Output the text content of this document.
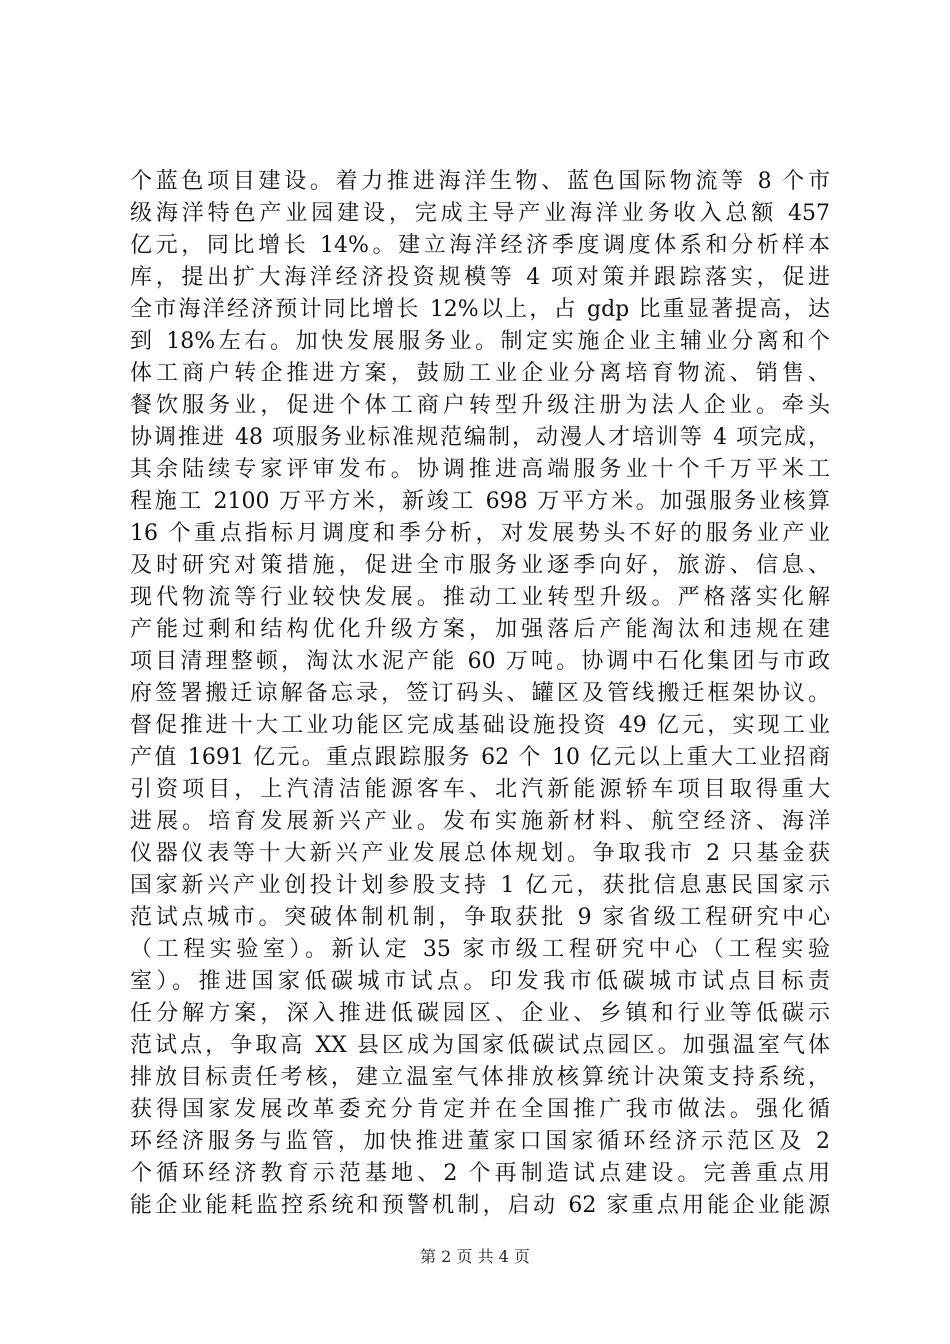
个蓝色项目建设。着力推进海洋生物、蓝色国际物流等 8 个市
级海洋特色产业园建设，完成主导产业海洋业务收入总额 457
亿元，同比增长 14%。建立海洋经济季度调度体系和分析样本
库，提出扩大海洋经济投资规模等 4 项对策并跟踪落实，促进
全市海洋经济预计同比增长 12%以上，占 gdp 比重显著提高，达
到 18%左右。加快发展服务业。制定实施企业主辅业分离和个
体工商户转企推进方案，鼓励工业企业分离培育物流、销售、
餐饮服务业，促进个体工商户转型升级注册为法人企业。牵头
协调推进 48 项服务业标准规范编制，动漫人才培训等 4 项完成，
其余陆续专家评审发布。协调推进高端服务业十个千万平米工
程施工 2100 万平方米，新竣工 698 万平方米。加强服务业核算
16 个重点指标月调度和季分析，对发展势头不好的服务业产业
及时研究对策措施，促进全市服务业逐季向好，旅游、信息、
现代物流等行业较快发展。推动工业转型升级。严格落实化解
产能过剩和结构优化升级方案，加强落后产能淘汰和违规在建
项目清理整顿，淘汰水泥产能 60 万吨。协调中石化集团与市政
府签署搬迁谅解备忘录，签订码头、罐区及管线搬迁框架协议。
督促推进十大工业功能区完成基础设施投资 49 亿元，实现工业
产值 1691 亿元。重点跟踪服务 62 个 10 亿元以上重大工业招商
引资项目，上汽清洁能源客车、北汽新能源轿车项目取得重大
进展。培育发展新兴产业。发布实施新材料、航空经济、海洋
仪器仪表等十大新兴产业发展总体规划。争取我市 2 只基金获
国家新兴产业创投计划参股支持 1 亿元，获批信息惠民国家示
范试点城市。突破体制机制，争取获批 9 家省级工程研究中心
（工程实验室）。新认定 35 家市级工程研究中心（工程实验
室）。推进国家低碳城市试点。印发我市低碳城市试点目标责
任分解方案，深入推进低碳园区、企业、乡镇和行业等低碳示
范试点，争取高 XX 县区成为国家低碳试点园区。加强温室气体
排放目标责任考核，建立温室气体排放核算统计决策支持系统，
获得国家发展改革委充分肯定并在全国推广我市做法。强化循
环经济服务与监管，加快推进董家口国家循环经济示范区及 2
个循环经济教育示范基地、2 个再制造试点建设。完善重点用
能企业能耗监控系统和预警机制，启动 62 家重点用能企业能源
第 2 页 共 4 页
